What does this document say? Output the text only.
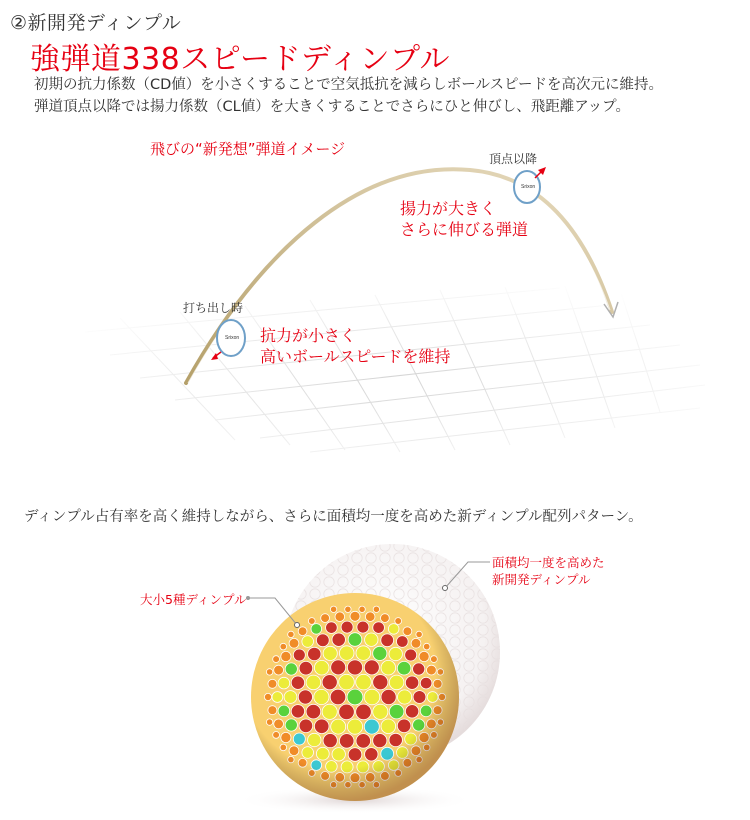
②新開発ディンプル
強弾道338スピードディンプル
初期の抗力係数（CD値）を小さくすることで空気抵抗を減らしボールスピードを高次元に維持。
弾道頂点以降では揚力係数（CL値）を大きくすることでさらにひと伸びし、飛距離アップ。
Srixon
Srixon
飛びの“新発想”弾道イメージ
打ち出し時
頂点以降
揚力が大きく
さらに伸びる弾道
抗力が小さく
高いボールスピードを維持
ディンプル占有率を高く維持しながら、さらに面積均一度を高めた新ディンプル配列パターン。
大小5種ディンプル
面積均一度を高めた
新開発ディンプル
